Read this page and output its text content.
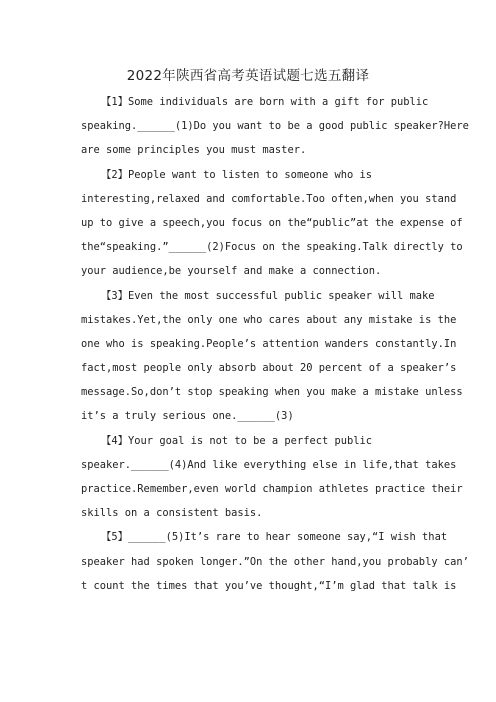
2022年陕西省高考英语试题七选五翻译
【1】Some individuals are born with a gift for public
speaking.______(1)Do you want to be a good public speaker?Here
are some principles you must master.
【2】People want to listen to someone who is
interesting,relaxed and comfortable.Too often,when you stand
up to give a speech,you focus on the“public”at the expense of
the“speaking.”______(2)Focus on the speaking.Talk directly to
your audience,be yourself and make a connection.
【3】Even the most successful public speaker will make
mistakes.Yet,the only one who cares about any mistake is the
one who is speaking.People’s attention wanders constantly.In
fact,most people only absorb about 20 percent of a speaker’s
message.So,don’t stop speaking when you make a mistake unless
it’s a truly serious one.______(3)
【4】Your goal is not to be a perfect public
speaker.______(4)And like everything else in life,that takes
practice.Remember,even world champion athletes practice their
skills on a consistent basis.
【5】______(5)It’s rare to hear someone say,“I wish that
speaker had spoken longer.”On the other hand,you probably can’
t count the times that you’ve thought,“I’m glad that talk is
